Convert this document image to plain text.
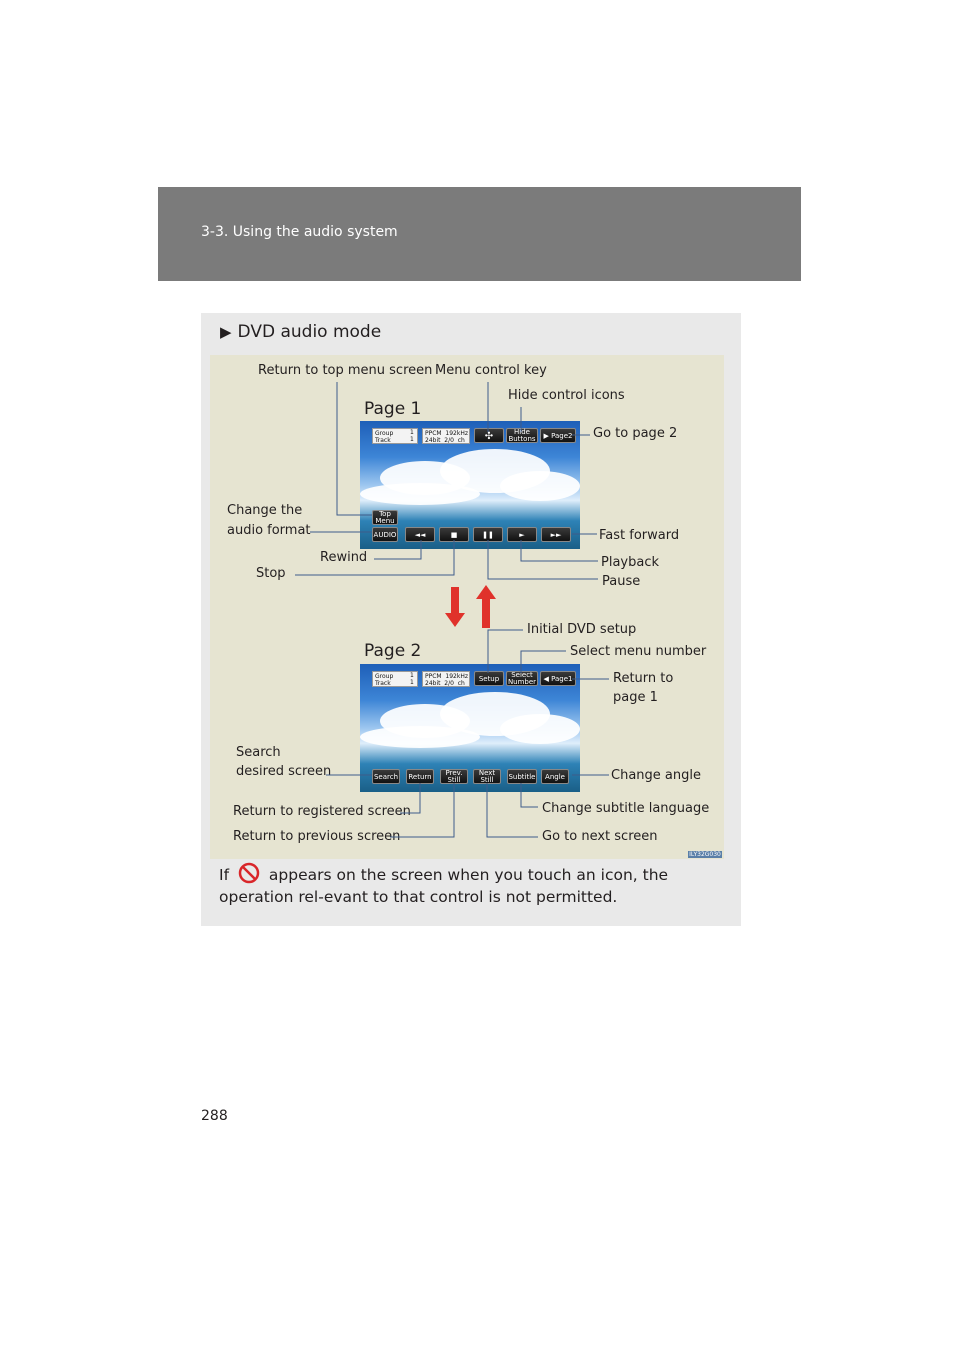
3-3. Using the audio system
▶ DVD audio mode
Page 1
Group
Track
1
1
PPCM  192kHz
24bit  2/0  ch	✣	Hide
Buttons	▶ Page2
Top
Menu
AUDIO	◄◄	■	❚❚	►	►►
Return to top menu screen Menu control key
Hide control icons
Go to page 2
Change the
audio format	Fast forward
Rewind	Playback
Stop
Pause
Page 2
Group
Track
1
1
PPCM  192kHz
24bit  2/0  ch
Setup	Select
Number	◀ Page1
Search	Return	Prev.
Still
Next
Still	Subtitle	Angle
Initial DVD setup
Select menu number
Return to
page 1
Search
desired screen	Change angle
Return to registered screen	Change subtitle language
Return to previous screen	Go to next screen
ILY32G030
If	appears on the screen when you touch an icon, the operation rel-evant to that control is not permitted.
288
